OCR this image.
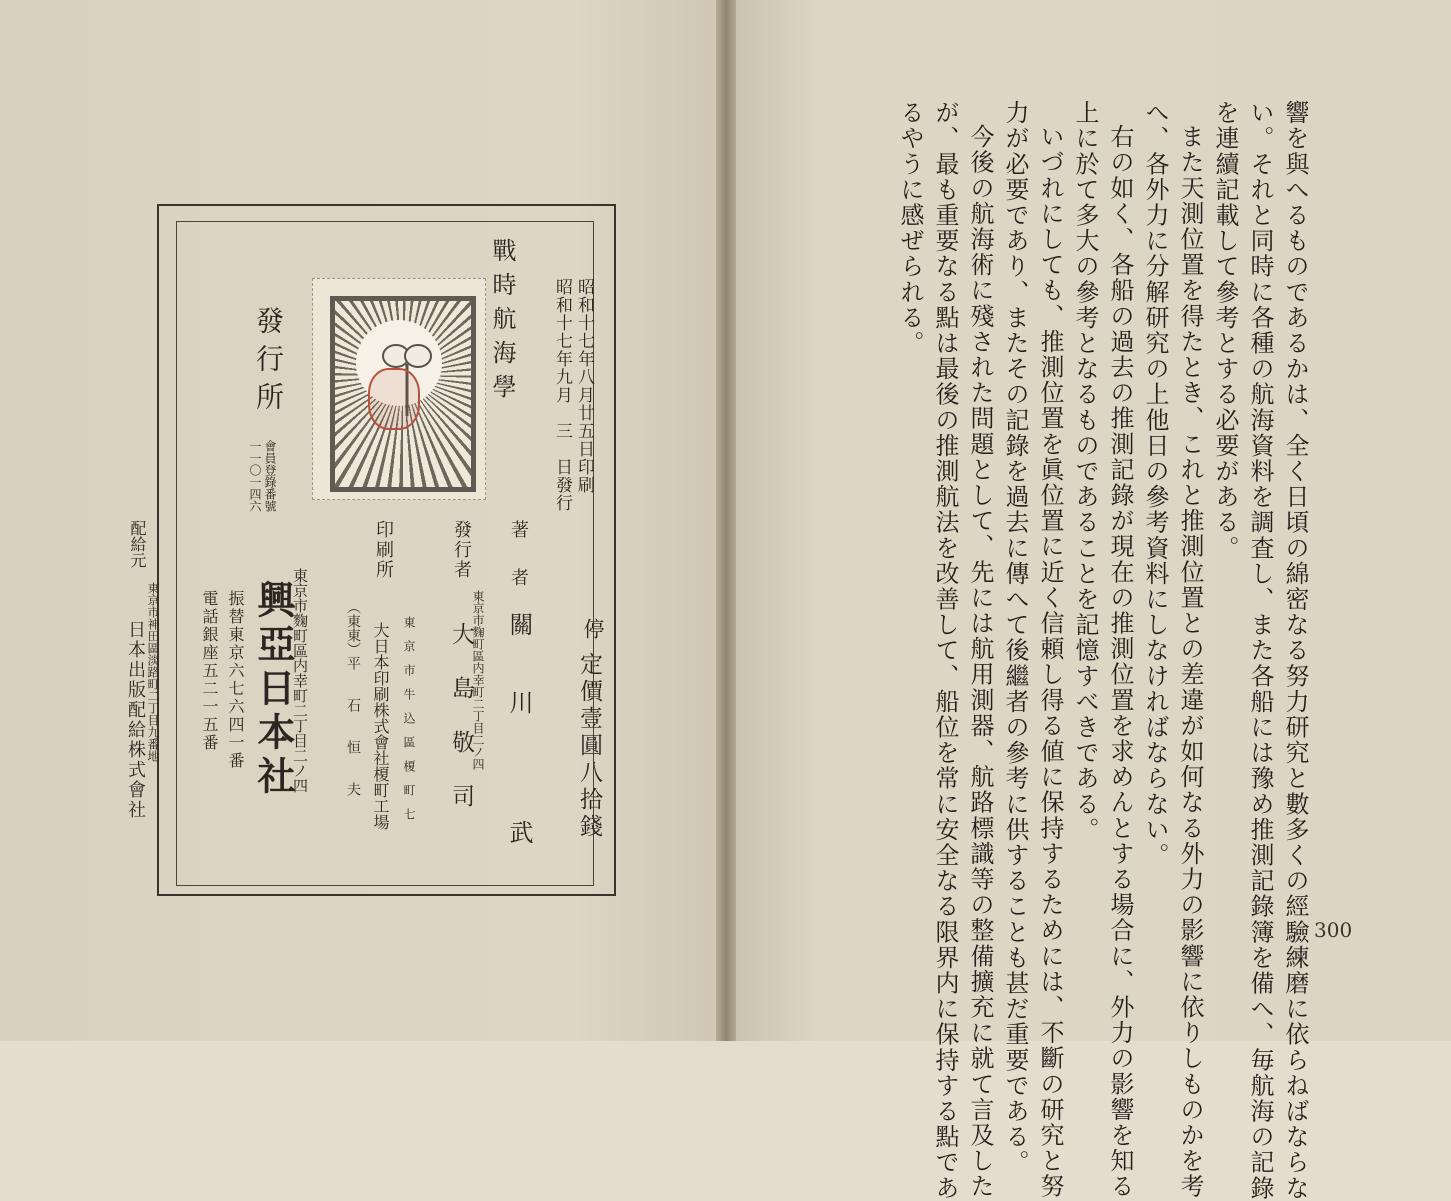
響を與へるものであるかは、全く日頃の綿密なる努力研究と數多くの經驗練磨に依らねばならな
い。それと同時に各種の航海資料を調査し、また各船には豫め推測記錄簿を備へ、毎航海の記錄
を連續記載して參考とする必要がある。
また天測位置を得たとき、これと推測位置との差違が如何なる外力の影響に依りしものかを考
へ、各外力に分解研究の上他日の參考資料にしなければならない。
右の如く、各船の過去の推測記錄が現在の推測位置を求めんとする場合に、外力の影響を知る
上に於て多大の參考となるものであることを記憶すべきである。
いづれにしても、推測位置を眞位置に近く信頼し得る値に保持するためには、不斷の研究と努
力が必要であり、またその記錄を過去に傳へて後繼者の參考に供することも甚だ重要である。
今後の航海術に殘された問題として、先には航用測器、航路標識等の整備擴充に就て言及した
が、最も重要なる點は最後の推測航法を改善して、船位を常に安全なる限界内に保持する點であ
るやうに感ぜられる。
300
戰時航海學	昭和十七年八月廿五日印刷
昭和十七年九月　三　日發行
停
定價壹圓八拾錢
著　者
關　　川　　　　武
東京市麴町區内幸町二丁目二ノ四
發行者
大　島　敬　司
東　京　市　牛　込　區　榎　町　七
印刷所
大日本印刷株式會社榎町工場
（東東）平　　石　　恒　　夫
發行所
會員登錄番號
一一〇一四六
東京市麴町區内幸町二丁目二ノ四
興亞日本社
振替東京六七六四一番
電話銀座五二一五番
配給元
東京市神田區淡路町二丁目九番地
日本出版配給株式會社
